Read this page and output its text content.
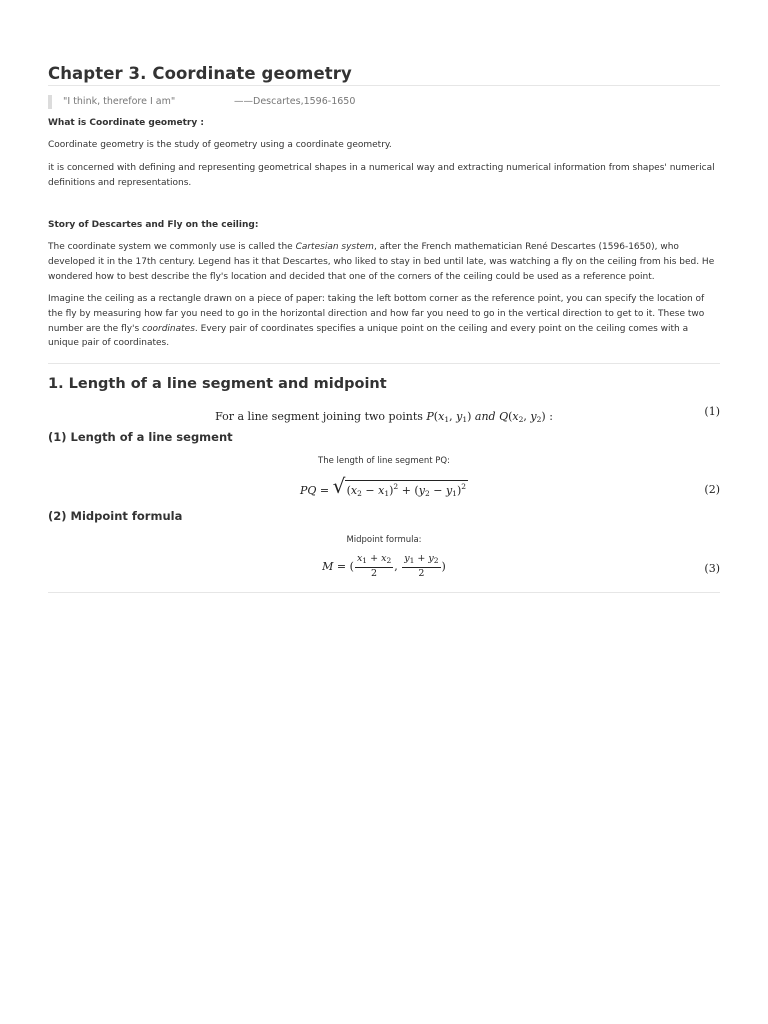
Chapter 3. Coordinate geometry
"I think, therefore I am"	——Descartes,1596-1650
What is Coordinate geometry :
Coordinate geometry is the study of geometry using a coordinate geometry.
it is concerned with defining and representing geometrical shapes in a numerical way and extracting numerical information from shapes' numerical
definitions and representations.
Story of Descartes and Fly on the ceiling:
The coordinate system we commonly use is called the Cartesian system, after the French mathematician René Descartes (1596-1650), who
developed it in the 17th century. Legend has it that Descartes, who liked to stay in bed until late, was watching a fly on the ceiling from his bed. He
wondered how to best describe the fly's location and decided that one of the corners of the ceiling could be used as a reference point.
Imagine the ceiling as a rectangle drawn on a piece of paper: taking the left bottom corner as the reference point, you can specify the location of
the fly by measuring how far you need to go in the horizontal direction and how far you need to go in the vertical direction to get to it. These two
number are the fly's coordinates. Every pair of coordinates specifies a unique point on the ceiling and every point on the ceiling comes with a
unique pair of coordinates.
1. Length of a line segment and midpoint
For a line segment joining two points $P(x_1$, $y_1$) and $Q(x_2$, $y_2$) :	(1)
(1) Length of a line segment
The length of line segment PQ:
PQ = √ $(x_2 - x_1)^2 + (y_2 - y_1)^2$	(2)
(2) Midpoint formula
Midpoint formula:
M = ( $\frac{x_1 + x_2}{2}$ , $\frac{y_1 + y_2}{2}$ )	(3)
